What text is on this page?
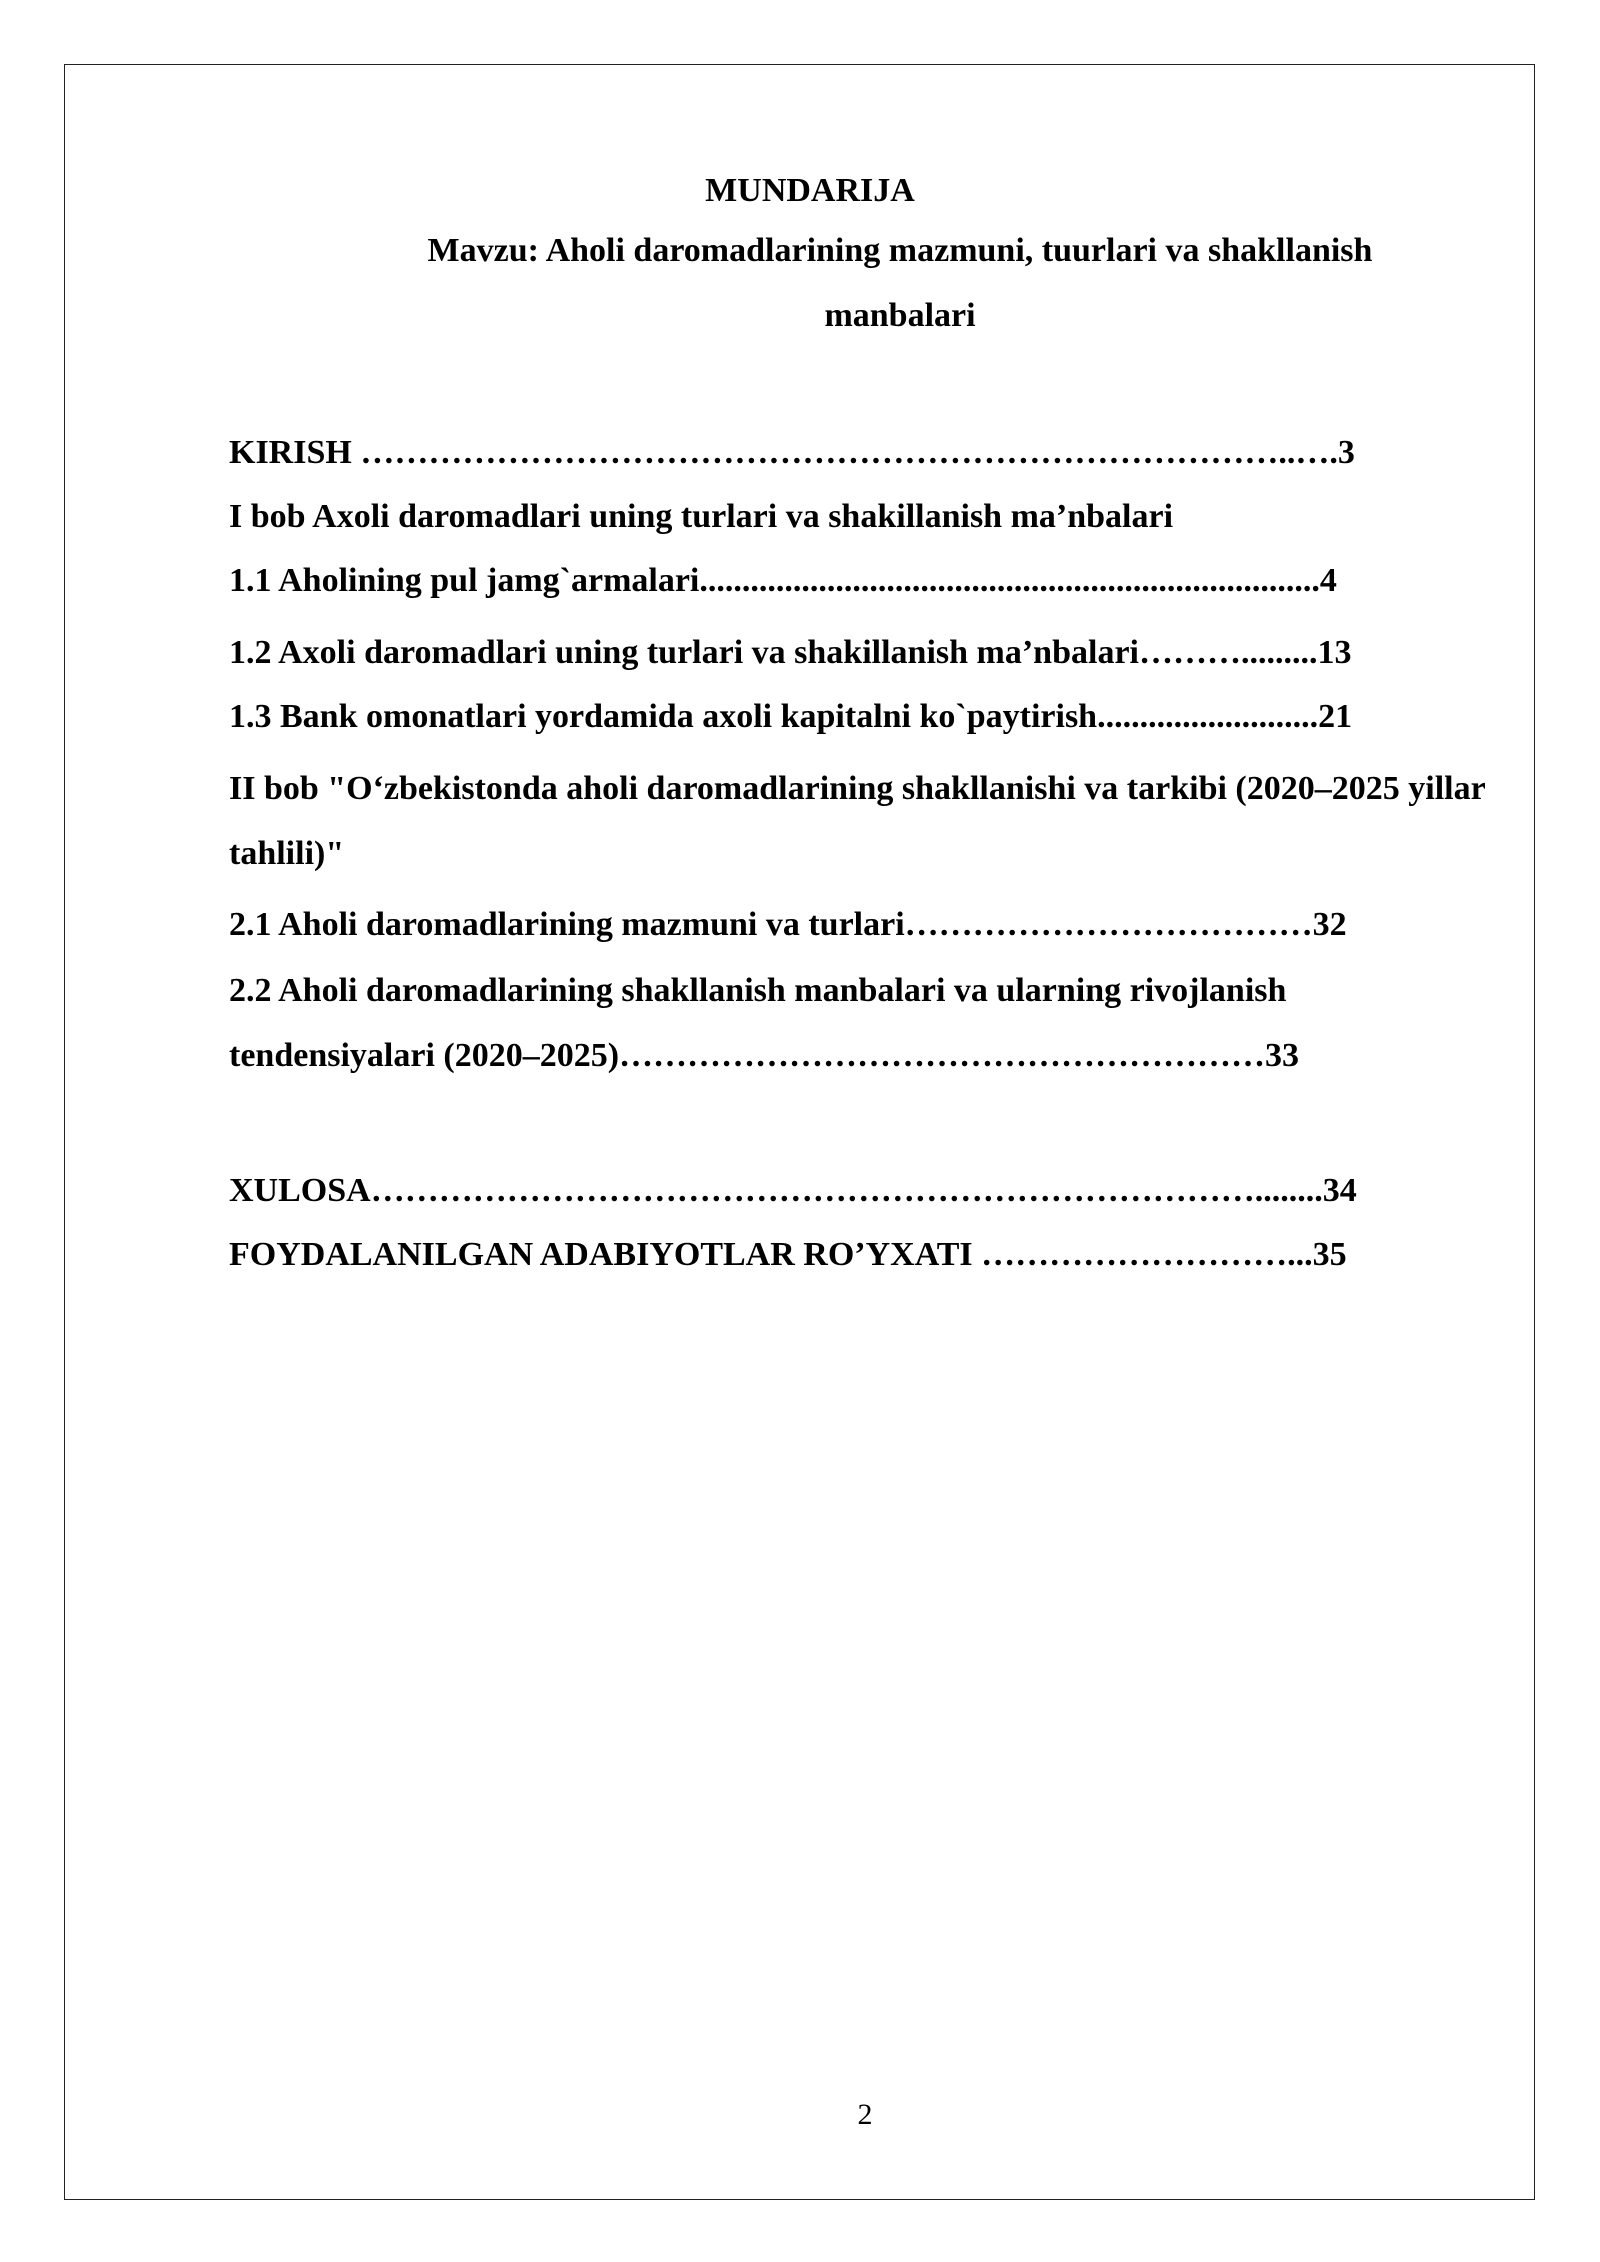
MUNDARIJA
Mavzu: Aholi daromadlarining mazmuni, tuurlari va shakllanish
manbalari
KIRISH ………………………………………………………………………..….3
I bob Axoli daromadlari uning turlari va shakillanish ma’nbalari
1.1 Aholining pul jamg`armalari.........................................................................4
1.2 Axoli daromadlari uning turlari va shakillanish ma’nbalari……….........13
1.3 Bank omonatlari yordamida axoli kapitalni ko`paytirish..........................21
II bob "O‘zbekistonda aholi daromadlarining shakllanishi va tarkibi (2020–2025 yillar tahlili)"
2.1 Aholi daromadlarining mazmuni va turlari………………………………32
2.2 Aholi daromadlarining shakllanish manbalari va ularning rivojlanish tendensiyalari (2020–2025)…………………………………………………33
XULOSA……………………………………………………………………........34
FOYDALANILGAN ADABIYOTLAR RO’YXATI ………………………...35
2
